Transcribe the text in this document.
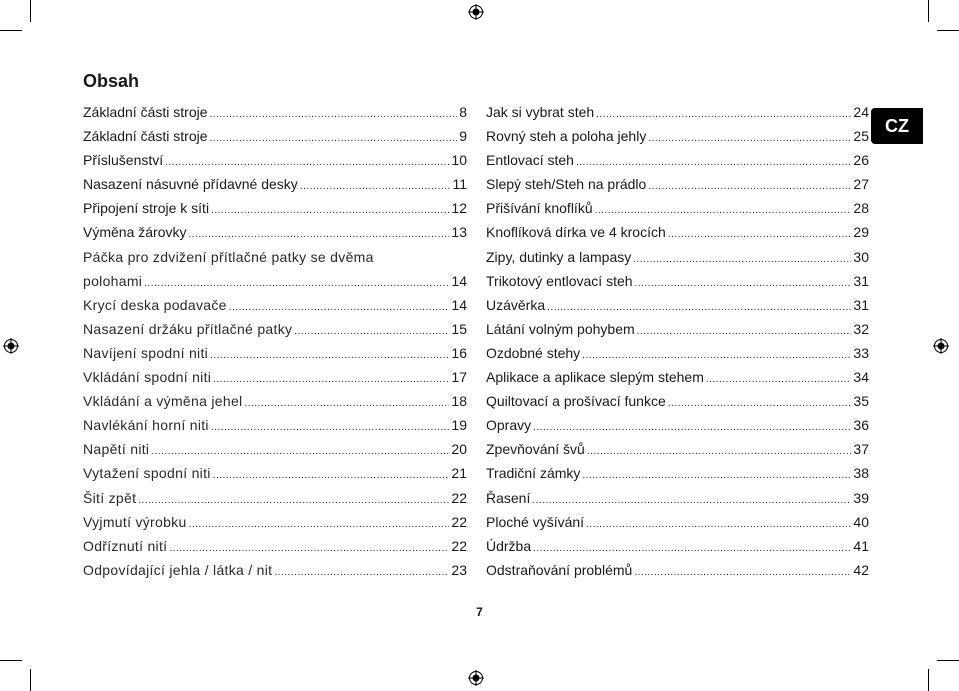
Obsah
Základní části stroje .....	8
Základní části stroje .....	9
Příslušenství .....	10
Nasazení násuvné přídavné desky .....	11
Připojení stroje k síti .....	12
Výměna žárovky .....	13
Páčka pro zdvižení přítlačné patky se dvěma
polohami .....	14
Krycí deska podavače .....	14
Nasazení držáku přítlačné patky .....	15
Navíjení spodní niti .....	16
Vkládání spodní niti .....	17
Vkládání a výměna jehel .....	18
Navlékání horní niti .....	19
Napětí niti .....	20
Vytažení spodní niti .....	21
Šití zpět .....	22
Vyjmutí výrobku .....	22
Odříznutí nití .....	22
Odpovídající jehla / látka / nit .....	23
Jak si vybrat steh .....	24
Rovný steh a poloha jehly .....	25
Entlovací steh .....	26
Slepý steh/Steh na prádlo .....	27
Přišívání knoflíků .....	28
Knoflíková dírka ve 4 krocích .....	29
Zipy, dutinky a lampasy .....	30
Trikotový entlovací steh .....	31
Uzávěrka .....	31
Látání volným pohybem .....	32
Ozdobné stehy .....	33
Aplikace a aplikace slepým stehem .....	34
Quiltovací a prošívací funkce .....	35
Opravy .....	36
Zpevňování švů .....	37
Tradiční zámky .....	38
Řasení .....	39
Ploché vyšívání .....	40
Údržba .....	41
Odstraňování problémů .....	42
CZ
7
